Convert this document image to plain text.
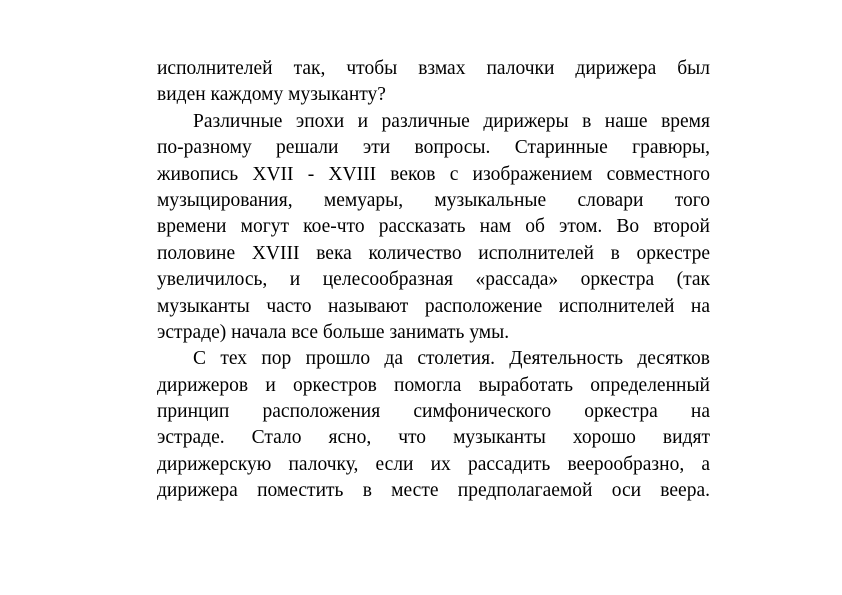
исполнителей так, чтобы взмах палочки дирижера был
виден каждому музыканту?
Различные эпохи и различные дирижеры в наше время
по-разному решали эти вопросы. Старинные гравюры,
живопись XVII - XVIII веков с изображением совместного
музыцирования, мемуары, музыкальные словари того
времени могут кое-что рассказать нам об этом. Во второй
половине XVIII века количество исполнителей в оркестре
увеличилось, и целесообразная «рассада» оркестра (так
музыканты часто называют расположение исполнителей на
эстраде) начала все больше занимать умы.
С тех пор прошло да столетия. Деятельность десятков
дирижеров и оркестров помогла выработать определенный
принцип расположения симфонического оркестра на
эстраде. Стало ясно, что музыканты хорошо видят
дирижерскую палочку, если их рассадить веерообразно, а
дирижера поместить в месте предполагаемой оси веера.
